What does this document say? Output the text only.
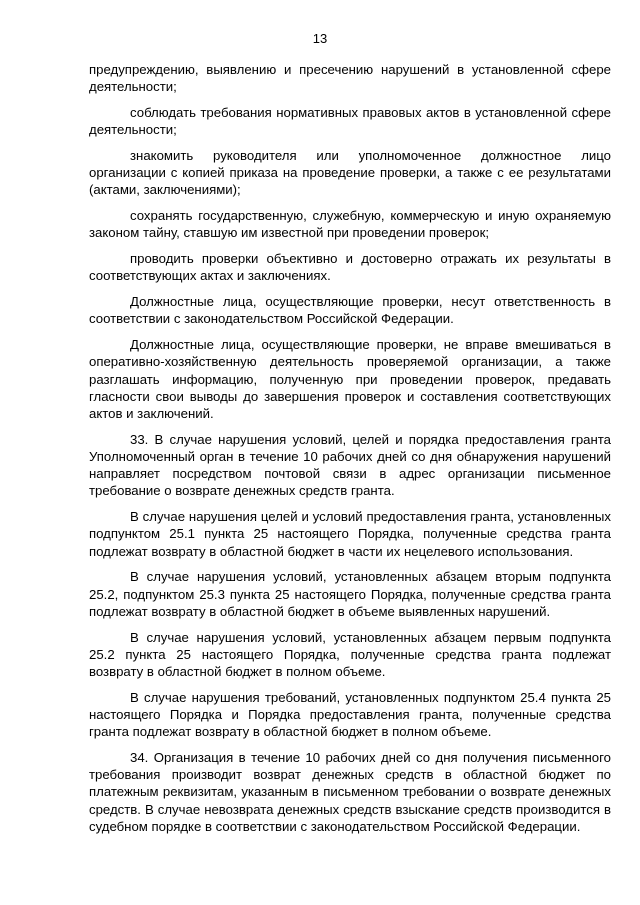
13

предупреждению, выявлению и пресечению нарушений в установленной сфере деятельности;

соблюдать требования нормативных правовых актов в установленной сфере деятельности;

знакомить руководителя или уполномоченное должностное лицо организации с копией приказа на проведение проверки, а также с ее результатами (актами, заключениями);

сохранять государственную, служебную, коммерческую и иную охраняемую законом тайну, ставшую им известной при проведении проверок;

проводить проверки объективно и достоверно отражать их результаты в соответствующих актах и заключениях.

Должностные лица, осуществляющие проверки, несут ответственность в соответствии с законодательством Российской Федерации.

Должностные лица, осуществляющие проверки, не вправе вмешиваться в оперативно-хозяйственную деятельность проверяемой организации, а также разглашать информацию, полученную при проведении проверок, предавать гласности свои выводы до завершения проверок и составления соответствующих актов и заключений.

33. В случае нарушения условий, целей и порядка предоставления гранта Уполномоченный орган в течение 10 рабочих дней со дня обнаружения нарушений направляет посредством почтовой связи в адрес организации письменное требование о возврате денежных средств гранта.

В случае нарушения целей и условий предоставления гранта, установленных подпунктом 25.1 пункта 25 настоящего Порядка, полученные средства гранта подлежат возврату в областной бюджет в части их нецелевого использования.

В случае нарушения условий, установленных абзацем вторым подпункта 25.2, подпунктом 25.3 пункта 25 настоящего Порядка, полученные средства гранта подлежат возврату в областной бюджет в объеме выявленных нарушений.

В случае нарушения условий, установленных абзацем первым подпункта 25.2 пункта 25 настоящего Порядка, полученные средства гранта подлежат возврату в областной бюджет в полном объеме.

В случае нарушения требований, установленных подпунктом 25.4 пункта 25 настоящего Порядка и Порядка предоставления гранта, полученные средства гранта подлежат возврату в областной бюджет в полном объеме.

34. Организация в течение 10 рабочих дней со дня получения письменного требования производит возврат денежных средств в областной бюджет по платежным реквизитам, указанным в письменном требовании о возврате денежных средств. В случае невозврата денежных средств взыскание средств производится в судебном порядке в соответствии с законодательством Российской Федерации.
